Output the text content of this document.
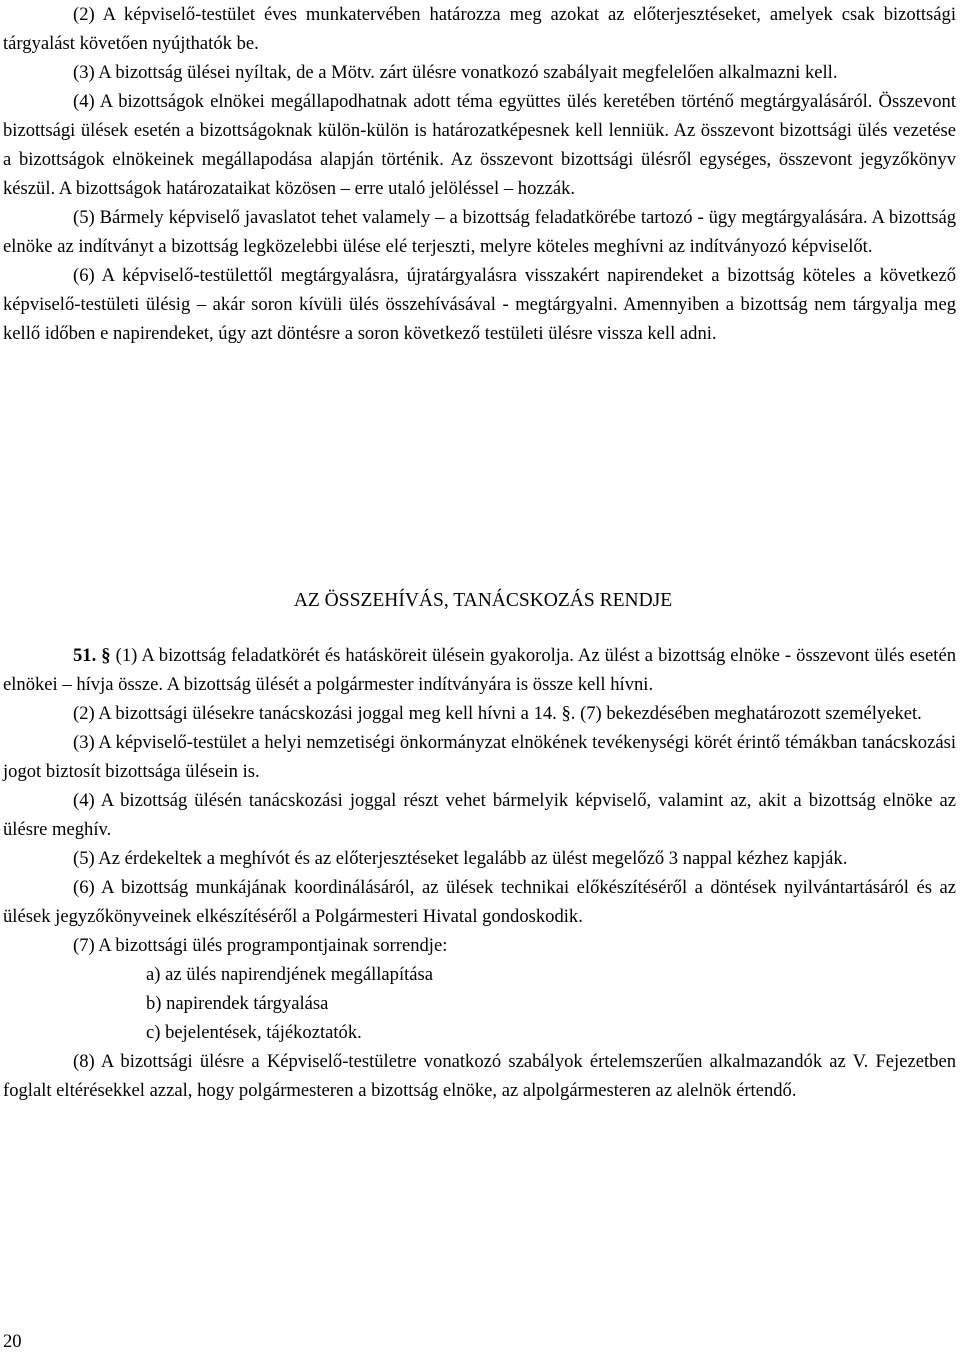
(2) A képviselő-testület éves munkatervében határozza meg azokat az előterjesztéseket, amelyek csak bizottsági tárgyalást követően nyújthatók be.

(3) A bizottság ülései nyíltak, de a Mötv. zárt ülésre vonatkozó szabályait megfelelően alkalmazni kell.

(4) A bizottságok elnökei megállapodhatnak adott téma együttes ülés keretében történő megtárgyalásáról. Összevont bizottsági ülések esetén a bizottságoknak külön-külön is határozatképesnek kell lenniük. Az összevont bizottsági ülés vezetése a bizottságok elnökeinek megállapodása alapján történik. Az összevont bizottsági ülésről egységes, összevont jegyzőkönyv készül. A bizottságok határozataikat közösen – erre utaló jelöléssel – hozzák.

(5) Bármely képviselő javaslatot tehet valamely – a bizottság feladatkörébe tartozó - ügy megtárgyalására. A bizottság elnöke az indítványt a bizottság legközelebbi ülése elé terjeszti, melyre köteles meghívni az indítványozó képviselőt.

(6) A képviselő-testülettől megtárgyalásra, újratárgyalásra visszakért napirendeket a bizottság köteles a következő képviselő-testületi ülésig – akár soron kívüli ülés összehívásával - megtárgyalni. Amennyiben a bizottság nem tárgyalja meg kellő időben e napirendeket, úgy azt döntésre a soron következő testületi ülésre vissza kell adni.

AZ ÖSSZEHÍVÁS, TANÁCSKOZÁS RENDJE

51. § (1) A bizottság feladatkörét és hatásköreit ülésein gyakorolja. Az ülést a bizottság elnöke - összevont ülés esetén elnökei – hívja össze. A bizottság ülését a polgármester indítványára is össze kell hívni.

(2) A bizottsági ülésekre tanácskozási joggal meg kell hívni a 14. §. (7) bekezdésében meghatározott személyeket.

(3) A képviselő-testület a helyi nemzetiségi önkormányzat elnökének tevékenységi körét érintő témákban tanácskozási jogot biztosít bizottsága ülésein is.

(4) A bizottság ülésén tanácskozási joggal részt vehet bármelyik képviselő, valamint az, akit a bizottság elnöke az ülésre meghív.

(5) Az érdekeltek a meghívót és az előterjesztéseket legalább az ülést megelőző 3 nappal kézhez kapják.

(6) A bizottság munkájának koordinálásáról, az ülések technikai előkészítéséről a döntések nyilvántartásáról és az ülések jegyzőkönyveinek elkészítéséről a Polgármesteri Hivatal gondoskodik.

(7) A bizottsági ülés programpontjainak sorrendje:

a) az ülés napirendjének megállapítása

b) napirendek tárgyalása

c) bejelentések, tájékoztatók.

(8) A bizottsági ülésre a Képviselő-testületre vonatkozó szabályok értelemszerűen alkalmazandók az V. Fejezetben foglalt eltérésekkel azzal, hogy polgármesteren a bizottság elnöke, az alpolgármesteren az alelnök értendő.

20
